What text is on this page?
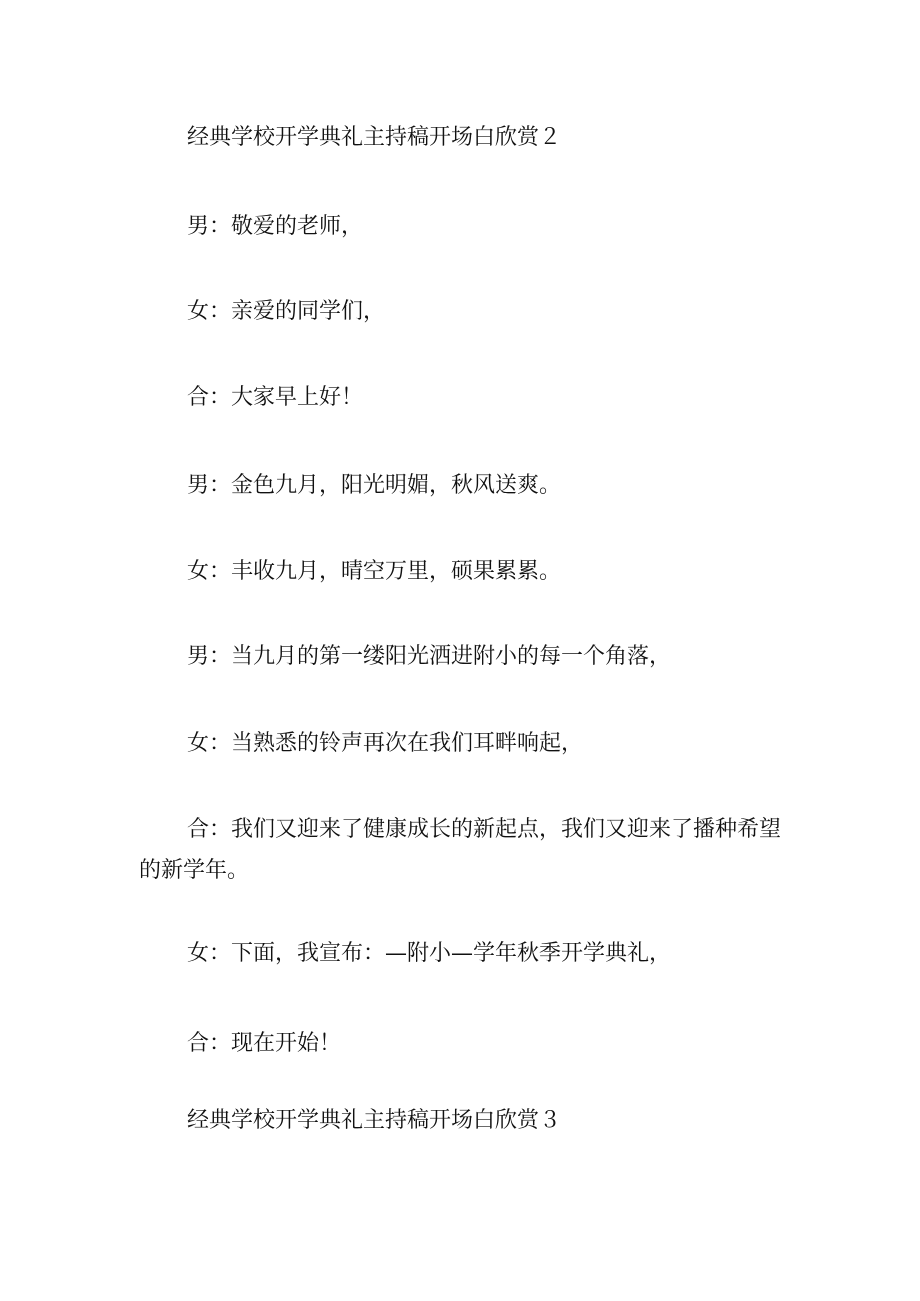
经典学校开学典礼主持稿开场白欣赏２

男：敬爱的老师，

女：亲爱的同学们，

合：大家早上好！

男：金色九月，阳光明媚，秋风送爽。

女：丰收九月，晴空万里，硕果累累。

男：当九月的第一缕阳光洒进附小的每一个角落，

女：当熟悉的铃声再次在我们耳畔响起，

合：我们又迎来了健康成长的新起点，我们又迎来了播种希望的新学年。

女：下面，我宣布：—附小—学年秋季开学典礼，

合：现在开始！

经典学校开学典礼主持稿开场白欣赏３
